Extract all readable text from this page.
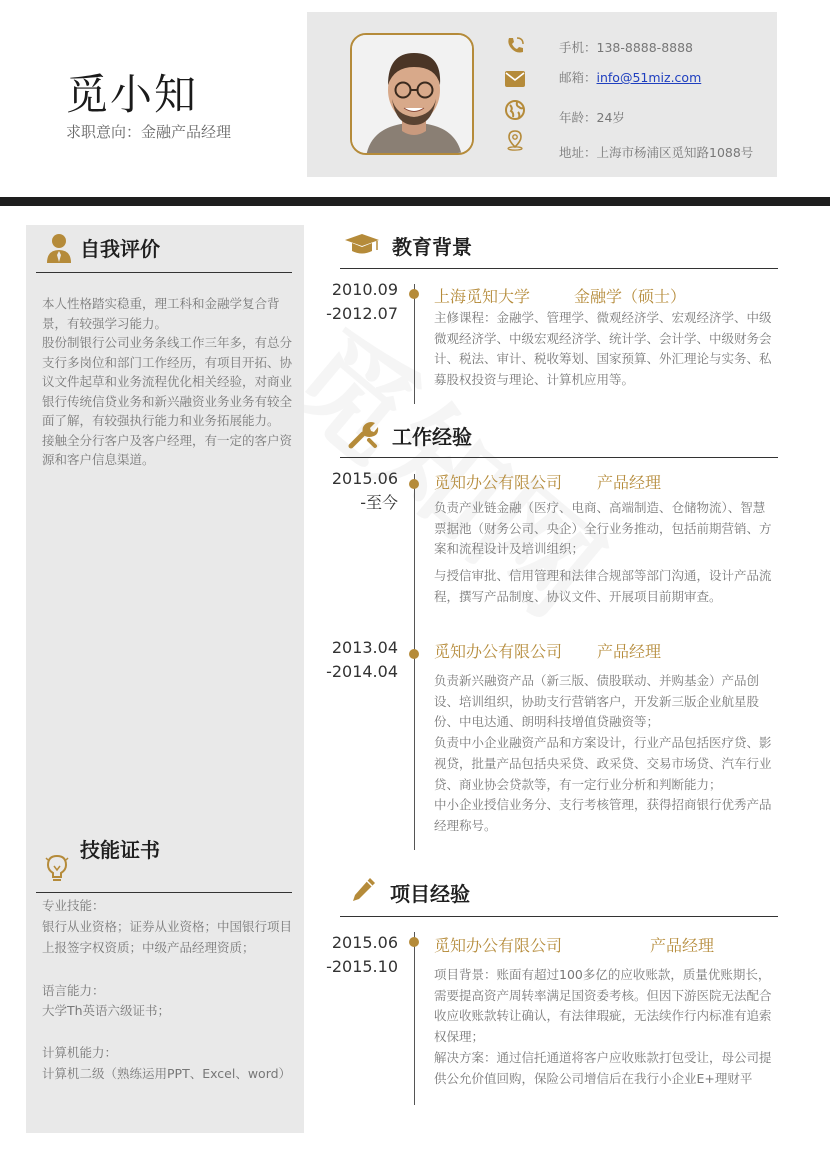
觅小知
求职意向：金融产品经理
手机：138-8888-8888
邮箱：info@51miz.com
年龄：24岁
地址：上海市杨浦区觅知路1088号
自我评价

本人性格踏实稳重，理工科和金融学复合背景，有较强学习能力。

股份制银行公司业务条线工作三年多，有总分支行多岗位和部门工作经历，有项目开拓、协议文件起草和业务流程优化相关经验，对商业银行传统信贷业务和新兴融资业务业务有较全面了解，有较强执行能力和业务拓展能力。

接触全分行客户及客户经理，有一定的客户资源和客户信息渠道。

技能证书

专业技能：

银行从业资格；证券从业资格；中国银行项目上报签字权资质；中级产品经理资质；

语言能力：

大学Th英语六级证书；

计算机能力：

计算机二级（熟练运用PPT、Excel、word）

教育背景
2010.09
-2012.07
上海觅知大学	金融学（硕士）
主修课程：金融学、管理学、微观经济学、宏观经济学、中级微观经济学、中级宏观经济学、统计学、会计学、中级财务会计、税法、审计、税收筹划、国家预算、外汇理论与实务、私募股权投资与理论、计算机应用等。
工作经验
2015.06
-至今
觅知办公有限公司 产品经理

负责产业链金融（医疗、电商、高端制造、仓储物流）、智慧票据池（财务公司、央企）全行业务推动，包括前期营销、方案和流程设计及培训组织；

与授信审批、信用管理和法律合规部等部门沟通，设计产品流程，撰写产品制度、协议文件、开展项目前期审查。

2013.04
-2014.04
觅知办公有限公司 产品经理

负责新兴融资产品（新三版、债股联动、并购基金）产品创设、培训组织，协助支行营销客户，开发新三版企业航星股份、中电达通、朗明科技增值贷融资等；

负责中小企业融资产品和方案设计，行业产品包括医疗贷、影视贷，批量产品包括央采贷、政采贷、交易市场贷、汽车行业贷、商业协会贷款等，有一定行业分析和判断能力；

中小企业授信业务分、支行考核管理，获得招商银行优秀产品经理称号。

项目经验
2015.06
-2015.10
觅知办公有限公司	产品经理

项目背景：账面有超过100多亿的应收账款，质量优账期长，需要提高资产周转率满足国资委考核。但因下游医院无法配合收应收账款转让确认，有法律瑕疵，无法续作行内标准有追索权保理；

解决方案：通过信托通道将客户应收账款打包受让，母公司提供公允价值回购，保险公司增信后在我行小企业E+理财平
